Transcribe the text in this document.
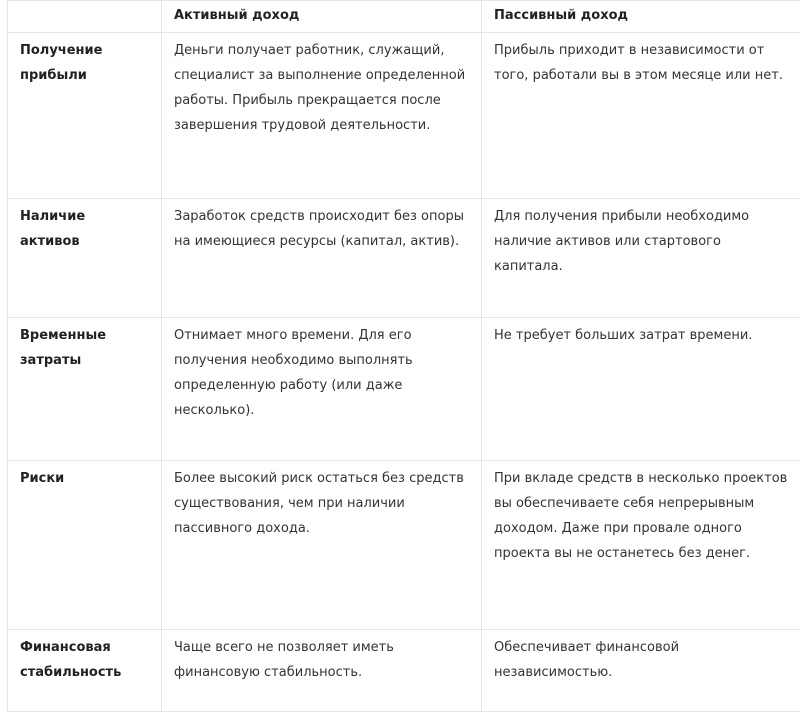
	Активный доход	Пассивный доход
Получение прибыли	Деньги получает работник, служащий, специалист за выполнение определенной работы. Прибыль прекращается после завершения трудовой деятельности.	Прибыль приходит в независимости от того, работали вы в этом месяце или нет.
Наличие активов	Заработок средств происходит без опоры на имеющиеся ресурсы (капитал, актив).	Для получения прибыли необходимо наличие активов или стартового капитала.
Временные затраты	Отнимает много времени. Для его получения необходимо выполнять определенную работу (или даже несколько).	Не требует больших затрат времени.
Риски	Более высокий риск остаться без средств существования, чем при наличии пассивного дохода.	При вкладе средств в несколько проектов вы обеспечиваете себя непрерывным доходом. Даже при провале одного проекта вы не останетесь без денег.
Финансовая стабильность	Чаще всего не позволяет иметь финансовую стабильность.	Обеспечивает финансовой независимостью.
